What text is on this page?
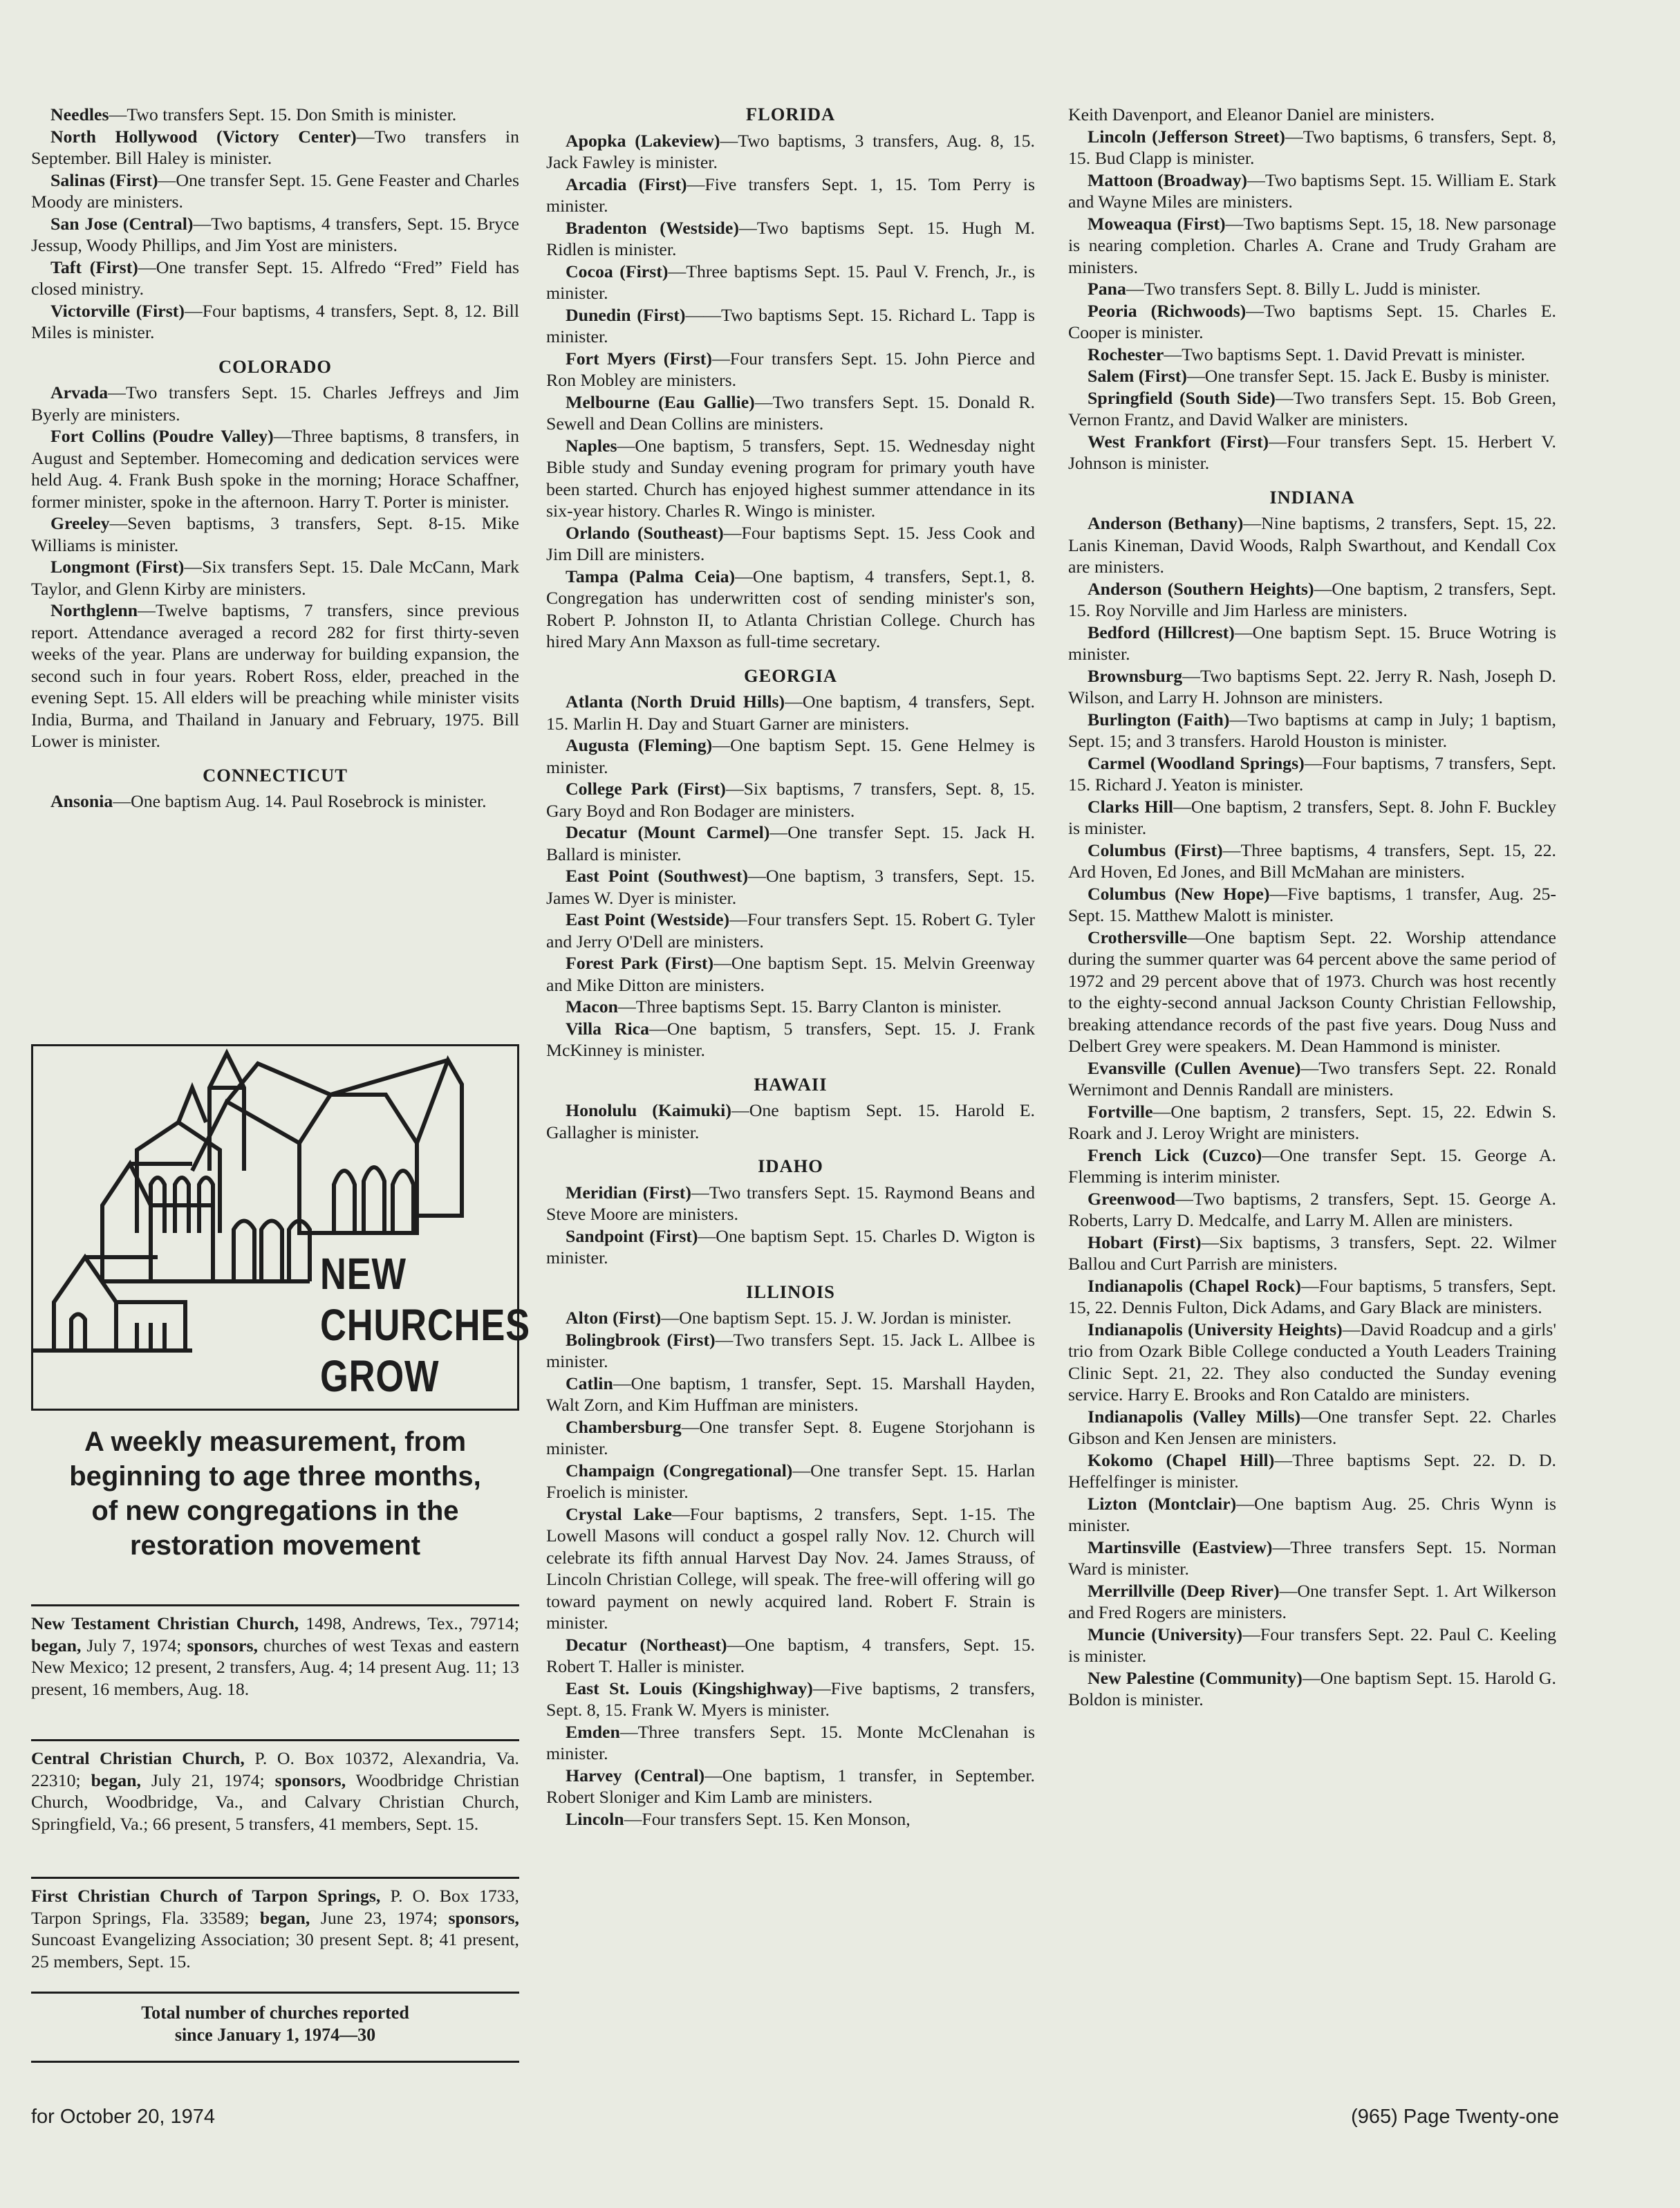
Needles—Two transfers Sept. 15. Don Smith is minister.

North Hollywood (Victory Center)—Two transfers in September. Bill Haley is minister.

Salinas (First)—One transfer Sept. 15. Gene Feaster and Charles Moody are ministers.

San Jose (Central)—Two baptisms, 4 transfers, Sept. 15. Bryce Jessup, Woody Phillips, and Jim Yost are ministers.

Taft (First)—One transfer Sept. 15. Alfredo “Fred” Field has closed ministry.

Victorville (First)—Four baptisms, 4 transfers, Sept. 8, 12. Bill Miles is minister.

COLORADO

Arvada—Two transfers Sept. 15. Charles Jeffreys and Jim Byerly are ministers.

Fort Collins (Poudre Valley)—Three baptisms, 8 transfers, in August and September. Homecoming and dedication services were held Aug. 4. Frank Bush spoke in the morning; Horace Schaffner, former minister, spoke in the afternoon. Harry T. Porter is minister.

Greeley—Seven baptisms, 3 transfers, Sept. 8-15. Mike Williams is minister.

Longmont (First)—Six transfers Sept. 15. Dale McCann, Mark Taylor, and Glenn Kirby are ministers.

Northglenn—Twelve baptisms, 7 transfers, since previous report. Attendance averaged a record 282 for first thirty-seven weeks of the year. Plans are underway for building expansion, the second such in four years. Robert Ross, elder, preached in the evening Sept. 15. All elders will be preaching while minister visits India, Burma, and Thailand in January and February, 1975. Bill Lower is minister.

CONNECTICUT

Ansonia—One baptism Aug. 14. Paul Rosebrock is minister.

FLORIDA

Apopka (Lakeview)—Two baptisms, 3 transfers, Aug. 8, 15. Jack Fawley is minister.

Arcadia (First)—Five transfers Sept. 1, 15. Tom Perry is minister.

Bradenton (Westside)—Two baptisms Sept. 15. Hugh M. Ridlen is minister.

Cocoa (First)—Three baptisms Sept. 15. Paul V. French, Jr., is minister.

Dunedin (First)——Two baptisms Sept. 15. Richard L. Tapp is minister.

Fort Myers (First)—Four transfers Sept. 15. John Pierce and Ron Mobley are ministers.

Melbourne (Eau Gallie)—Two transfers Sept. 15. Donald R. Sewell and Dean Collins are ministers.

Naples—One baptism, 5 transfers, Sept. 15. Wednesday night Bible study and Sunday evening program for primary youth have been started. Church has enjoyed highest summer attendance in its six-year history. Charles R. Wingo is minister.

Orlando (Southeast)—Four baptisms Sept. 15. Jess Cook and Jim Dill are ministers.

Tampa (Palma Ceia)—One baptism, 4 transfers, Sept.1, 8. Congregation has underwritten cost of sending minister's son, Robert P. Johnston II, to Atlanta Christian College. Church has hired Mary Ann Maxson as full-time secretary.

GEORGIA

Atlanta (North Druid Hills)—One baptism, 4 transfers, Sept. 15. Marlin H. Day and Stuart Garner are ministers.

Augusta (Fleming)—One baptism Sept. 15. Gene Helmey is minister.

College Park (First)—Six baptisms, 7 transfers, Sept. 8, 15. Gary Boyd and Ron Bodager are ministers.

Decatur (Mount Carmel)—One transfer Sept. 15. Jack H. Ballard is minister.

East Point (Southwest)—One baptism, 3 transfers, Sept. 15. James W. Dyer is minister.

East Point (Westside)—Four transfers Sept. 15. Robert G. Tyler and Jerry O'Dell are ministers.

Forest Park (First)—One baptism Sept. 15. Melvin Greenway and Mike Ditton are ministers.

Macon—Three baptisms Sept. 15. Barry Clanton is minister.

Villa Rica—One baptism, 5 transfers, Sept. 15. J. Frank McKinney is minister.

HAWAII

Honolulu (Kaimuki)—One baptism Sept. 15. Harold E. Gallagher is minister.

IDAHO

Meridian (First)—Two transfers Sept. 15. Raymond Beans and Steve Moore are ministers.

Sandpoint (First)—One baptism Sept. 15. Charles D. Wigton is minister.

ILLINOIS

Alton (First)—One baptism Sept. 15. J. W. Jordan is minister.

Bolingbrook (First)—Two transfers Sept. 15. Jack L. Allbee is minister.

Catlin—One baptism, 1 transfer, Sept. 15. Marshall Hayden, Walt Zorn, and Kim Huffman are ministers.

Chambersburg—One transfer Sept. 8. Eugene Storjohann is minister.

Champaign (Congregational)—One transfer Sept. 15. Harlan Froelich is minister.

Crystal Lake—Four baptisms, 2 transfers, Sept. 1-15. The Lowell Masons will conduct a gospel rally Nov. 12. Church will celebrate its fifth annual Harvest Day Nov. 24. James Strauss, of Lincoln Christian College, will speak. The free-will offering will go toward payment on newly acquired land. Robert F. Strain is minister.

Decatur (Northeast)—One baptism, 4 transfers, Sept. 15. Robert T. Haller is minister.

East St. Louis (Kingshighway)—Five baptisms, 2 transfers, Sept. 8, 15. Frank W. Myers is minister.

Emden—Three transfers Sept. 15. Monte McClenahan is minister.

Harvey (Central)—One baptism, 1 transfer, in September. Robert Sloniger and Kim Lamb are ministers.

Lincoln—Four transfers Sept. 15. Ken Monson,

Keith Davenport, and Eleanor Daniel are ministers.

Lincoln (Jefferson Street)—Two baptisms, 6 transfers, Sept. 8, 15. Bud Clapp is minister.

Mattoon (Broadway)—Two baptisms Sept. 15. William E. Stark and Wayne Miles are ministers.

Moweaqua (First)—Two baptisms Sept. 15, 18. New parsonage is nearing completion. Charles A. Crane and Trudy Graham are ministers.

Pana—Two transfers Sept. 8. Billy L. Judd is minister.

Peoria (Richwoods)—Two baptisms Sept. 15. Charles E. Cooper is minister.

Rochester—Two baptisms Sept. 1. David Prevatt is minister.

Salem (First)—One transfer Sept. 15. Jack E. Busby is minister.

Springfield (South Side)—Two transfers Sept. 15. Bob Green, Vernon Frantz, and David Walker are ministers.

West Frankfort (First)—Four transfers Sept. 15. Herbert V. Johnson is minister.

INDIANA

Anderson (Bethany)—Nine baptisms, 2 transfers, Sept. 15, 22. Lanis Kineman, David Woods, Ralph Swarthout, and Kendall Cox are ministers.

Anderson (Southern Heights)—One baptism, 2 transfers, Sept. 15. Roy Norville and Jim Harless are ministers.

Bedford (Hillcrest)—One baptism Sept. 15. Bruce Wotring is minister.

Brownsburg—Two baptisms Sept. 22. Jerry R. Nash, Joseph D. Wilson, and Larry H. Johnson are ministers.

Burlington (Faith)—Two baptisms at camp in July; 1 baptism, Sept. 15; and 3 transfers. Harold Houston is minister.

Carmel (Woodland Springs)—Four baptisms, 7 transfers, Sept. 15. Richard J. Yeaton is minister.

Clarks Hill—One baptism, 2 transfers, Sept. 8. John F. Buckley is minister.

Columbus (First)—Three baptisms, 4 transfers, Sept. 15, 22. Ard Hoven, Ed Jones, and Bill McMahan are ministers.

Columbus (New Hope)—Five baptisms, 1 transfer, Aug. 25-Sept. 15. Matthew Malott is minister.

Crothersville—One baptism Sept. 22. Worship attendance during the summer quarter was 64 percent above the same period of 1972 and 29 percent above that of 1973. Church was host recently to the eighty-second annual Jackson County Christian Fellowship, breaking attendance records of the past five years. Doug Nuss and Delbert Grey were speakers. M. Dean Hammond is minister.

Evansville (Cullen Avenue)—Two transfers Sept. 22. Ronald Wernimont and Dennis Randall are ministers.

Fortville—One baptism, 2 transfers, Sept. 15, 22. Edwin S. Roark and J. Leroy Wright are ministers.

French Lick (Cuzco)—One transfer Sept. 15. George A. Flemming is interim minister.

Greenwood—Two baptisms, 2 transfers, Sept. 15. George A. Roberts, Larry D. Medcalfe, and Larry M. Allen are ministers.

Hobart (First)—Six baptisms, 3 transfers, Sept. 22. Wilmer Ballou and Curt Parrish are ministers.

Indianapolis (Chapel Rock)—Four baptisms, 5 transfers, Sept. 15, 22. Dennis Fulton, Dick Adams, and Gary Black are ministers.

Indianapolis (University Heights)—David Roadcup and a girls' trio from Ozark Bible College conducted a Youth Leaders Training Clinic Sept. 21, 22. They also conducted the Sunday evening service. Harry E. Brooks and Ron Cataldo are ministers.

Indianapolis (Valley Mills)—One transfer Sept. 22. Charles Gibson and Ken Jensen are ministers.

Kokomo (Chapel Hill)—Three baptisms Sept. 22. D. D. Heffelfinger is minister.

Lizton (Montclair)—One baptism Aug. 25. Chris Wynn is minister.

Martinsville (Eastview)—Three transfers Sept. 15. Norman Ward is minister.

Merrillville (Deep River)—One transfer Sept. 1. Art Wilkerson and Fred Rogers are ministers.

Muncie (University)—Four transfers Sept. 22. Paul C. Keeling is minister.

New Palestine (Community)—One baptism Sept. 15. Harold G. Boldon is minister.

NEW
CHURCHES
GROW
A weekly measurement, from
beginning to age three months,
of new congregations in the
restoration movement
New Testament Christian Church, 1498, Andrews, Tex., 79714; began, July 7, 1974; sponsors, churches of west Texas and eastern New Mexico; 12 present, 2 transfers, Aug. 4; 14 present Aug. 11; 13 present, 16 members, Aug. 18.
Central Christian Church, P. O. Box 10372, Alexandria, Va. 22310; began, July 21, 1974; sponsors, Woodbridge Christian Church, Woodbridge, Va., and Calvary Christian Church, Springfield, Va.; 66 present, 5 transfers, 41 members, Sept. 15.
First Christian Church of Tarpon Springs, P. O. Box 1733, Tarpon Springs, Fla. 33589; began, June 23, 1974; sponsors, Suncoast Evangelizing Association; 30 present Sept. 8; 41 present, 25 members, Sept. 15.
Total number of churches reported
since January 1, 1974—30
for October 20, 1974	(965) Page Twenty-one
